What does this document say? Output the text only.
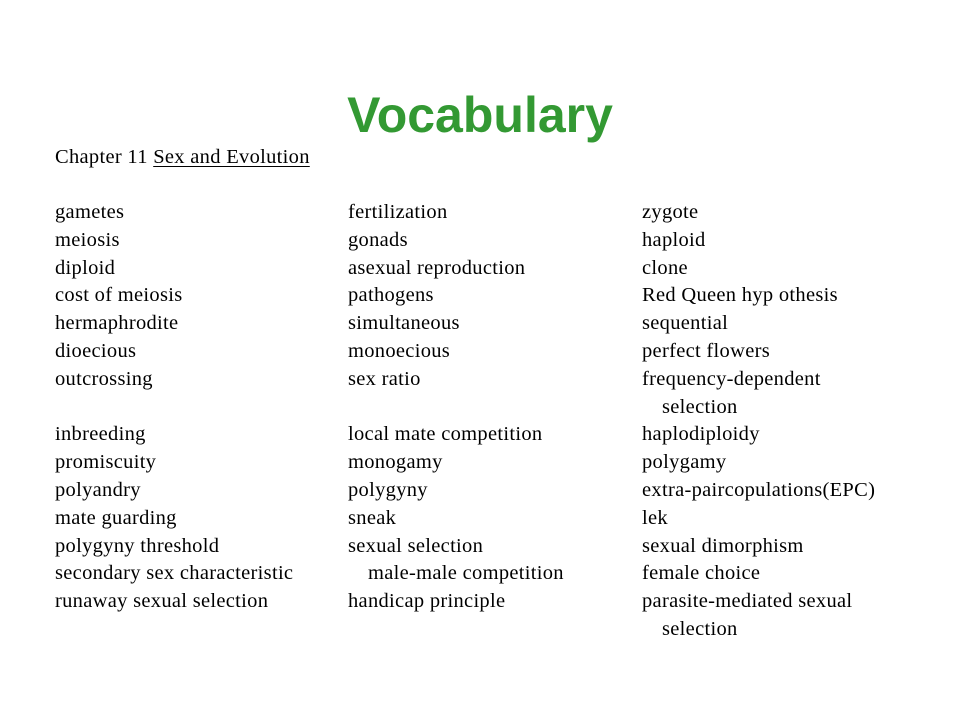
Vocabulary
Chapter 11 Sex and Evolution
gametes	fertilization	zygote
meiosis	gonads	haploid
diploid	asexual reproduction	clone
cost of meiosis	pathogens	Red Queen hyp othesis
hermaphrodite	simultaneous	sequential
dioecious	monoecious	perfect flowers
outcrossing	sex ratio	frequency-dependent
selection
inbreeding	local mate competition	haplodiploidy
promiscuity	monogamy	polygamy
polyandry	polygyny	extra-paircopulations(EPC)
mate guarding	sneak	lek
polygyny threshold	sexual selection	sexual dimorphism
secondary sex characteristic	male-male competition	female choice
runaway sexual selection	handicap principle	parasite-mediated sexual
selection
